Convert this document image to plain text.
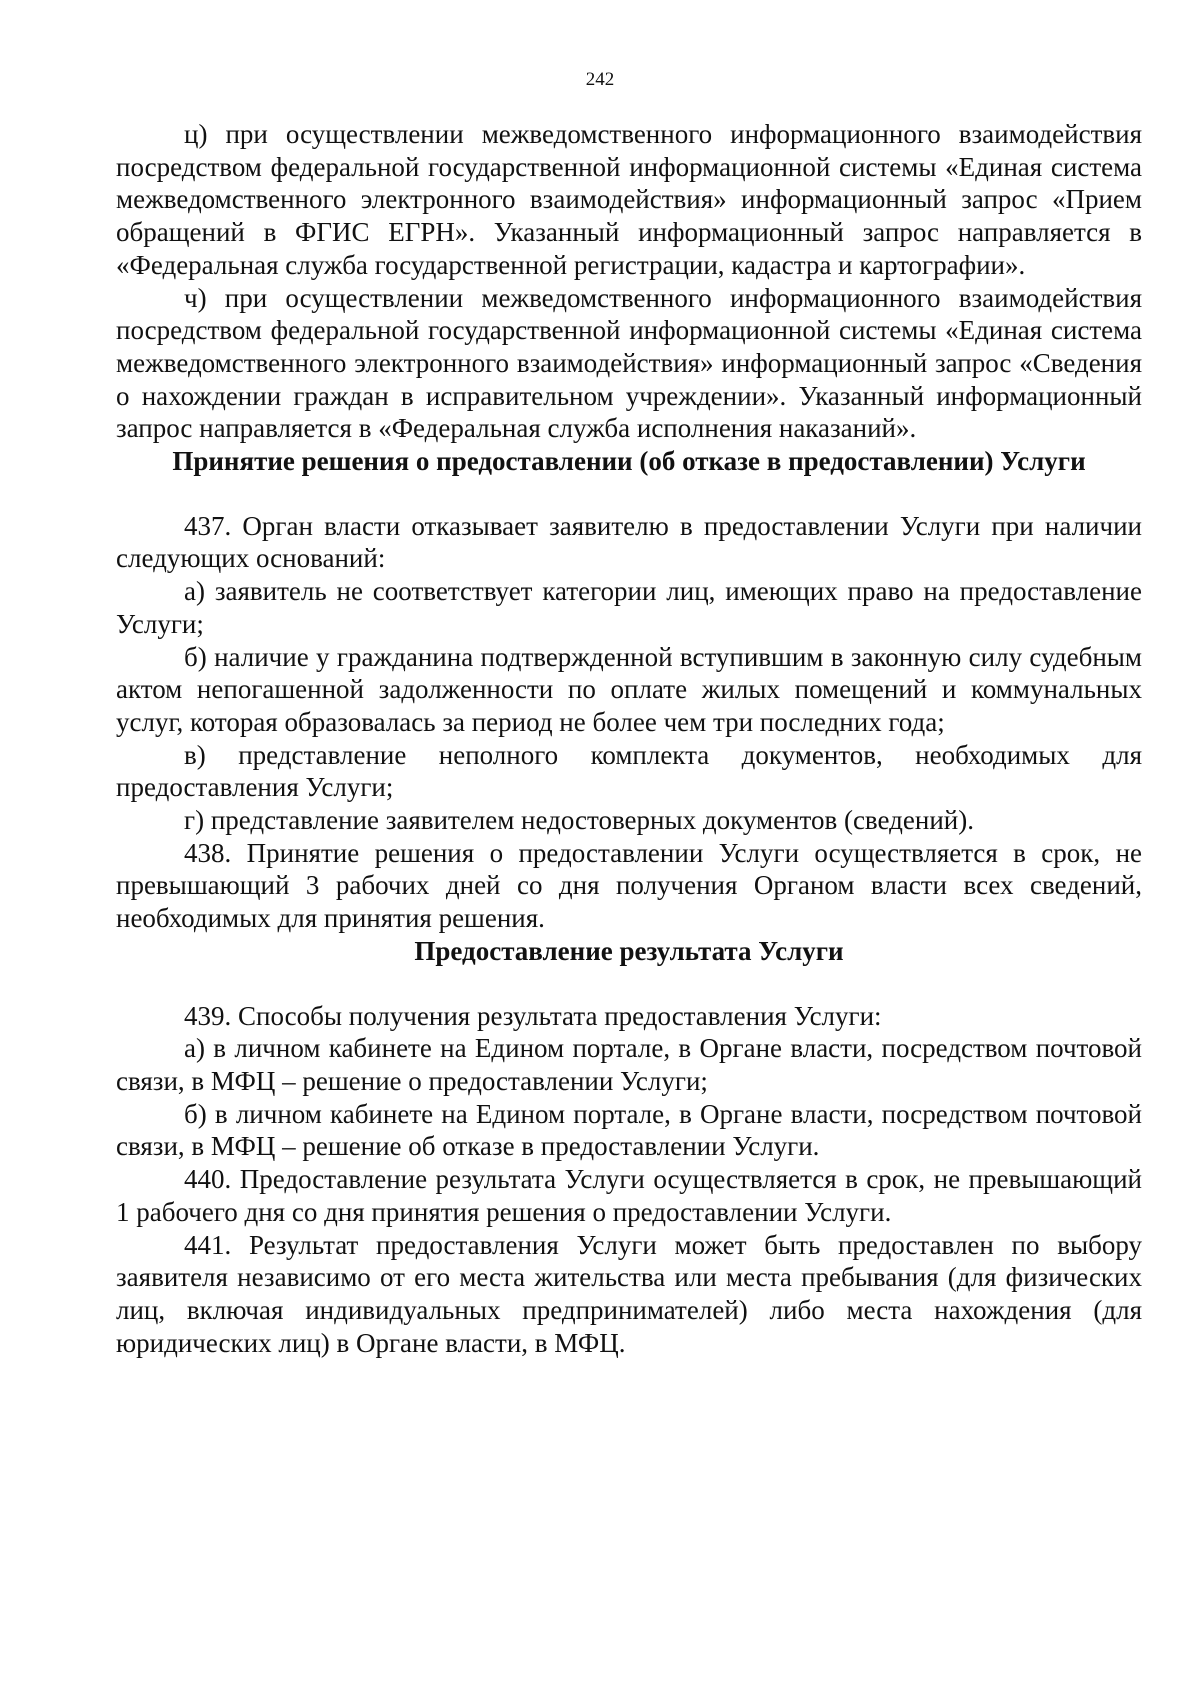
242

ц) при осуществлении межведомственного информационного взаимодействия посредством федеральной государственной информационной системы «Единая система межведомственного электронного взаимодействия» информационный запрос «Прием обращений в ФГИС ЕГРН». Указанный информационный запрос направляется в «Федеральная служба государственной регистрации, кадастра и картографии».

ч) при осуществлении межведомственного информационного взаимодействия посредством федеральной государственной информационной системы «Единая система межведомственного электронного взаимодействия» информационный запрос «Сведения о нахождении граждан в исправительном учреждении». Указанный информационный запрос направляется в «Федеральная служба исполнения наказаний».

Принятие решения о предоставлении (об отказе в предоставлении) Услуги

437. Орган власти отказывает заявителю в предоставлении Услуги при наличии следующих оснований:

а) заявитель не соответствует категории лиц, имеющих право на предоставление Услуги;

б) наличие у гражданина подтвержденной вступившим в законную силу судебным актом непогашенной задолженности по оплате жилых помещений и коммунальных услуг, которая образовалась за период не более чем три последних года;

в) представление неполного комплекта документов, необходимых для предоставления Услуги;

г) представление заявителем недостоверных документов (сведений).

438. Принятие решения о предоставлении Услуги осуществляется в срок, не превышающий 3 рабочих дней со дня получения Органом власти всех сведений, необходимых для принятия решения.

Предоставление результата Услуги

439. Способы получения результата предоставления Услуги:

а) в личном кабинете на Едином портале, в Органе власти, посредством почтовой связи, в МФЦ – решение о предоставлении Услуги;

б) в личном кабинете на Едином портале, в Органе власти, посредством почтовой связи, в МФЦ – решение об отказе в предоставлении Услуги.

440. Предоставление результата Услуги осуществляется в срок, не превышающий 1 рабочего дня со дня принятия решения о предоставлении Услуги.

441. Результат предоставления Услуги может быть предоставлен по выбору заявителя независимо от его места жительства или места пребывания (для физических лиц, включая индивидуальных предпринимателей) либо места нахождения (для юридических лиц) в Органе власти, в МФЦ.
